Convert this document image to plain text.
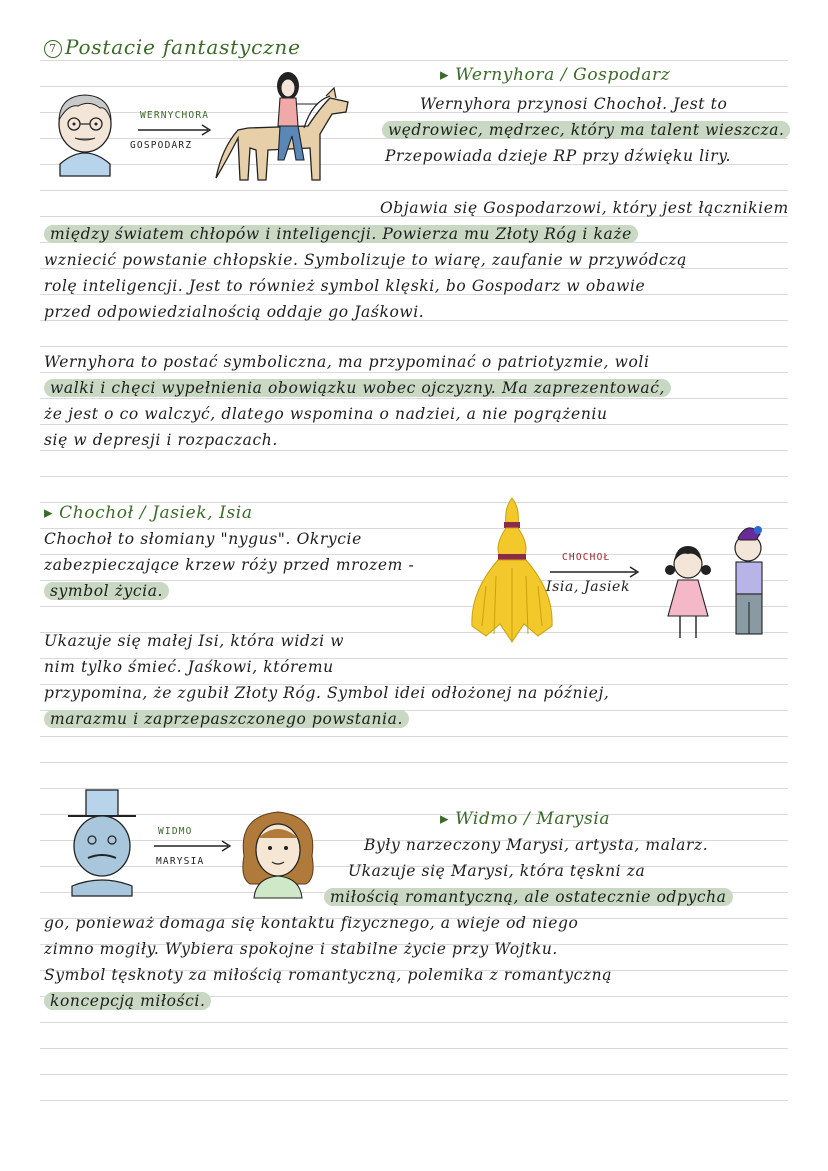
7 Postacie fantastyczne
WERNYCHORA
GOSPODARZ
▸ Wernyhora / Gospodarz
Wernyhora przynosi Chochoł. Jest to
wędrowiec, mędrzec, który ma talent wieszcza.
Przepowiada dzieje RP przy dźwięku liry.
Objawia się Gospodarzowi, który jest łącznikiem
między światem chłopów i inteligencji. Powierza mu Złoty Róg i każe
wzniecić powstanie chłopskie. Symbolizuje to wiarę, zaufanie w przywódczą
rolę inteligencji. Jest to również symbol klęski, bo Gospodarz w obawie
przed odpowiedzialnością oddaje go Jaśkowi.
Wernyhora to postać symboliczna, ma przypominać o patriotyzmie, woli
walki i chęci wypełnienia obowiązku wobec ojczyzny. Ma zaprezentować,
że jest o co walczyć, dlatego wspomina o nadziei, a nie pogrążeniu
się w depresji i rozpaczach.
▸ Chochoł / Jasiek, Isia
Chochoł to słomiany "nygus". Okrycie
zabezpieczające krzew róży przed mrozem -
symbol życia.
Ukazuje się małej Isi, która widzi w
nim tylko śmieć. Jaśkowi, któremu
przypomina, że zgubił Złoty Róg. Symbol idei odłożonej na później,
marazmu i zaprzepaszczonego powstania.
CHOCHOŁ
Isia, Jasiek
WIDMO
MARYSIA
▸ Widmo / Marysia
Były narzeczony Marysi, artysta, malarz.
Ukazuje się Marysi, która tęskni za
miłością romantyczną, ale ostatecznie odpycha
go, ponieważ domaga się kontaktu fizycznego, a wieje od niego
zimno mogiły. Wybiera spokojne i stabilne życie przy Wojtku.
Symbol tęsknoty za miłością romantyczną, polemika z romantyczną
koncepcją miłości.
